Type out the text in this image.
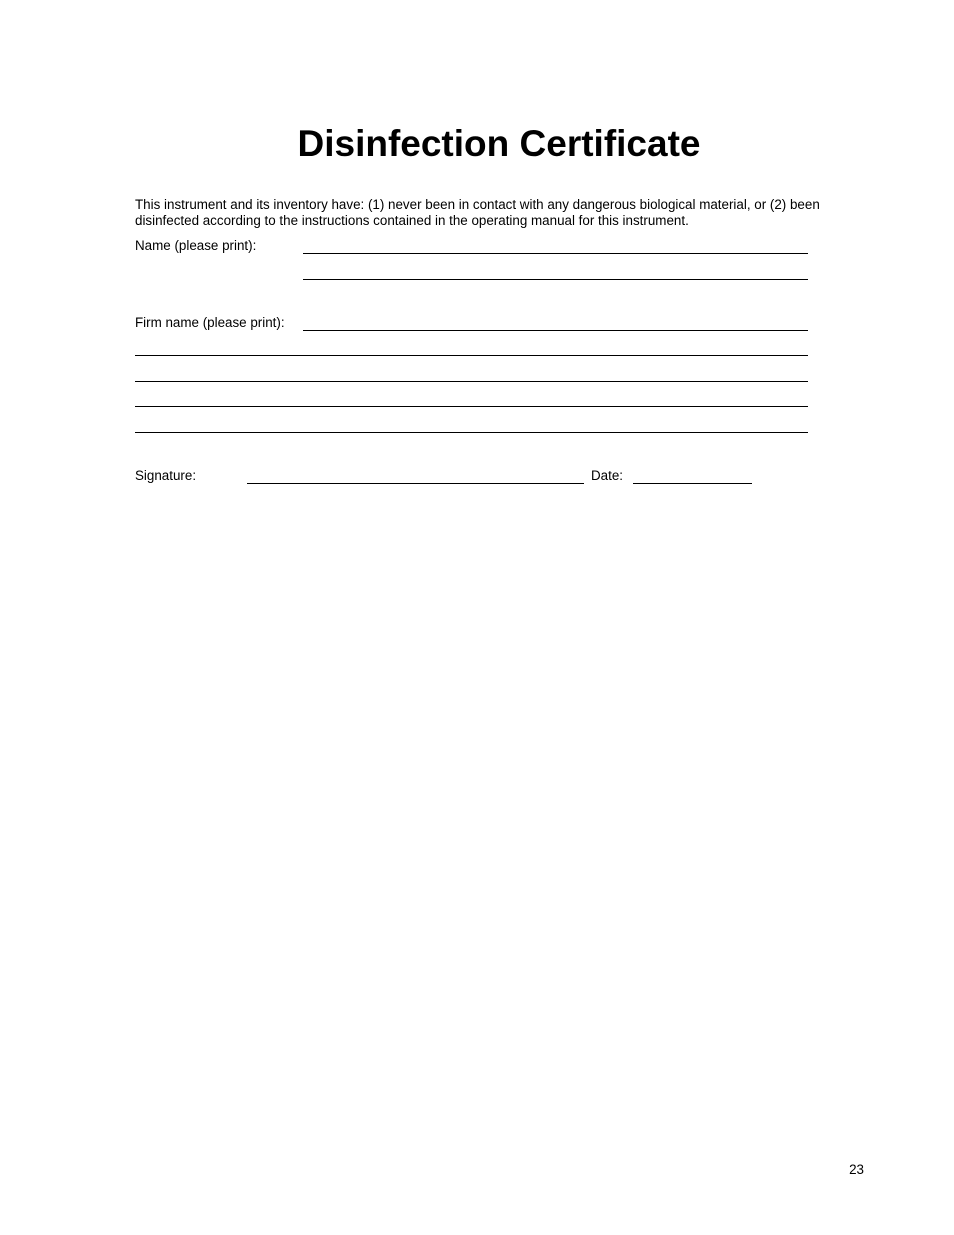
Disinfection Certificate

This instrument and its inventory have: (1) never been in contact with any dangerous biological material, or (2) been disinfected according to the instructions contained in the operating manual for this instrument.

Name (please print):
Firm name (please print):
Signature:	Date:
23
